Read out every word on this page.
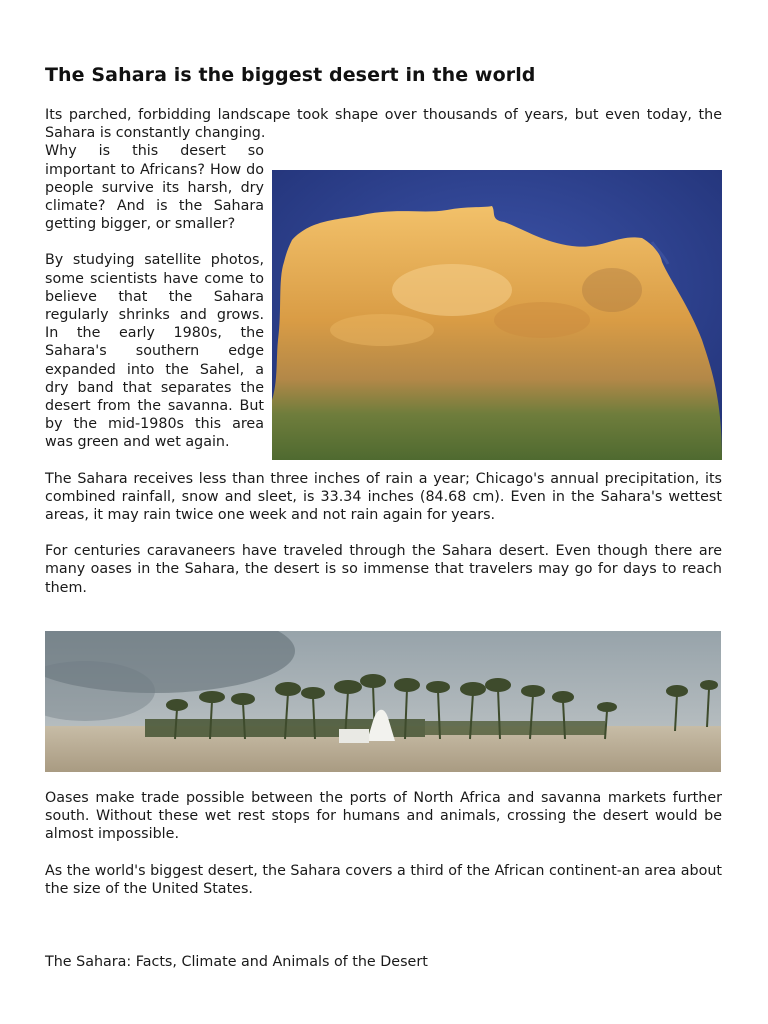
The Sahara is the biggest desert in the world

Its parched, forbidding landscape took shape over thousands of years, but even today, the Sahara is constantly changing.

Why is this desert so important to Africans? How do people survive its harsh, dry climate? And is the Sahara getting bigger, or smaller?

By studying satellite photos, some scientists have come to believe that the Sahara regularly shrinks and grows. In the early 1980s, the Sahara's southern edge expanded into the Sahel, a dry band that separates the desert from the savanna. But by the mid-1980s this area was green and wet again.

The Sahara receives less than three inches of rain a year; Chicago's annual precipitation, its combined rainfall, snow and sleet, is 33.34 inches (84.68 cm). Even in the Sahara's wettest areas, it may rain twice one week and not rain again for years.

For centuries caravaneers have traveled through the Sahara desert. Even though there are many oases in the Sahara, the desert is so immense that travelers may go for days to reach them.

Oases make trade possible between the ports of North Africa and savanna markets further south. Without these wet rest stops for humans and animals, crossing the desert would be almost impossible.

As the world's biggest desert, the Sahara covers a third of the African continent-an area about the size of the United States.

The Sahara: Facts, Climate and Animals of the Desert
